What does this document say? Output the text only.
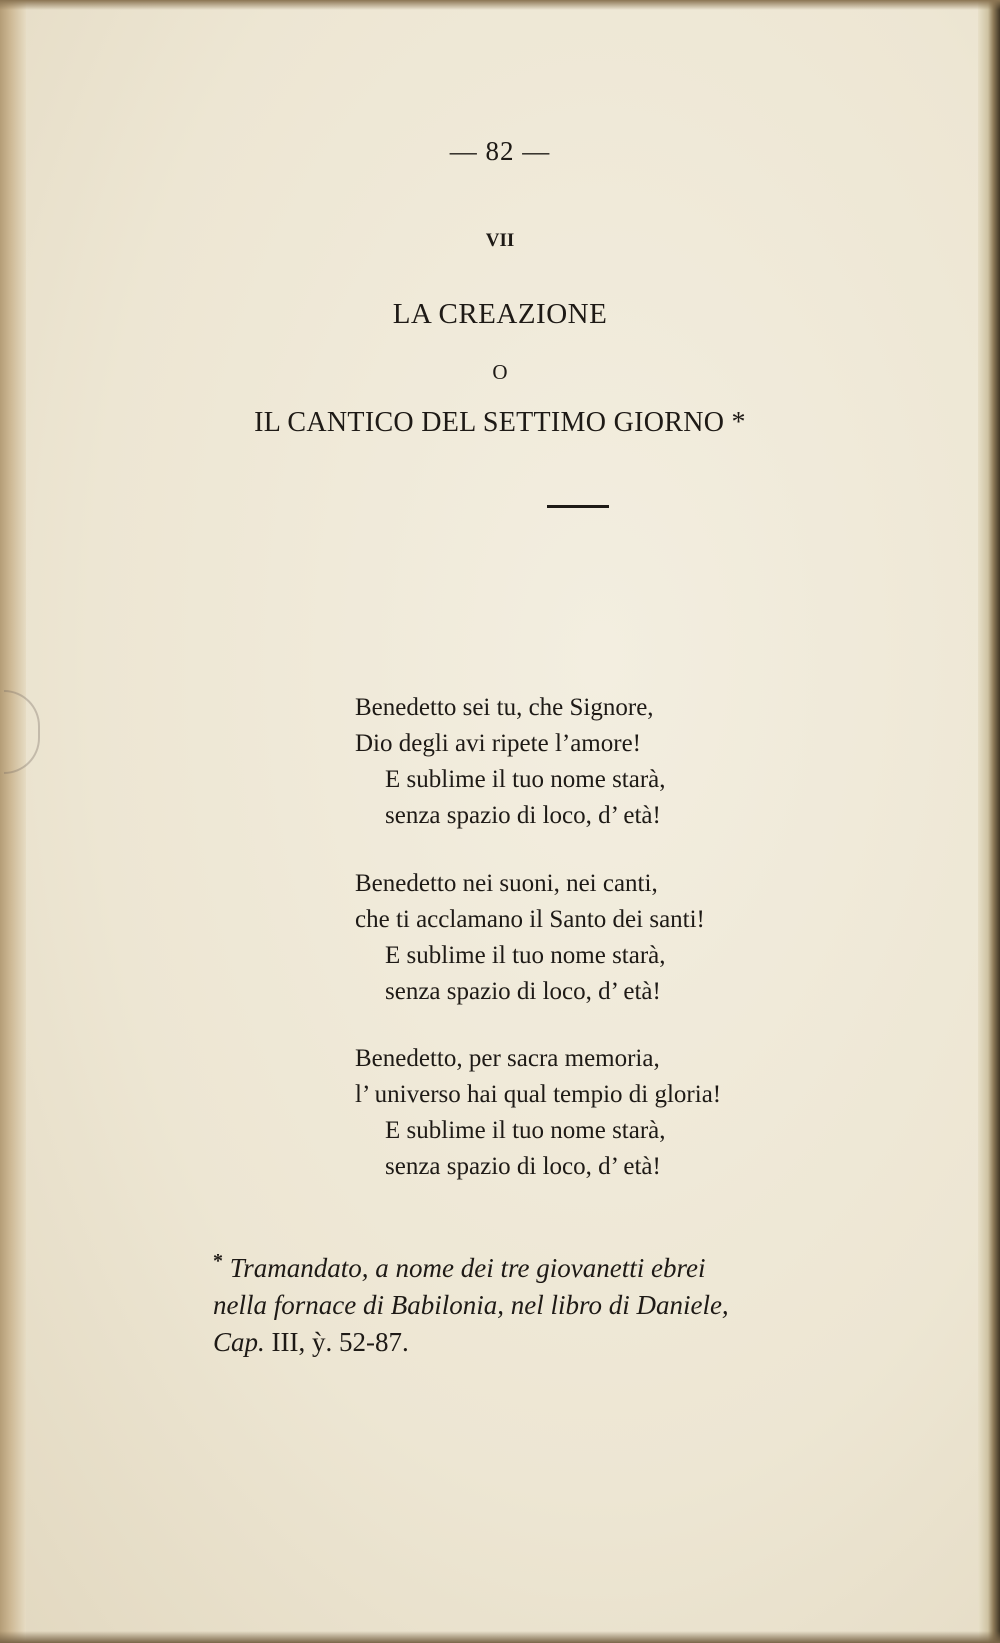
— 82 —
VII
LA CREAZIONE
O
IL CANTICO DEL SETTIMO GIORNO *
Benedetto sei tu, che Signore,
Dio degli avi ripete l’amore!
E sublime il tuo nome starà,
senza spazio di loco, d’ età!
Benedetto nei suoni, nei canti,
che ti acclamano il Santo dei santi!
E sublime il tuo nome starà,
senza spazio di loco, d’ età!
Benedetto, per sacra memoria,
l’ universo hai qual tempio di gloria!
E sublime il tuo nome starà,
senza spazio di loco, d’ età!
* Tramandato, a nome dei tre giovanetti ebrei
nella fornace di Babilonia, nel libro di Daniele,
Cap. III, ỳ. 52-87.
